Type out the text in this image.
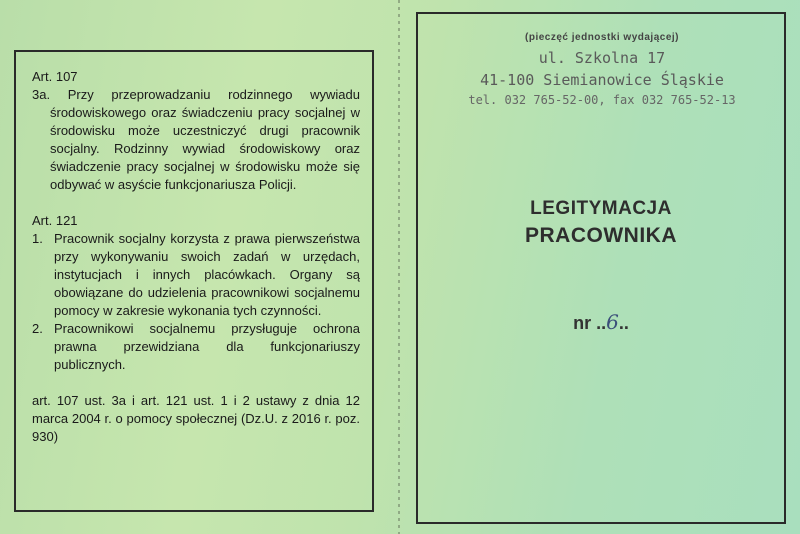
Art. 107

3a. Przy przeprowadzaniu rodzinnego wywiadu środowiskowego oraz świadczeniu pracy socjalnej w środowisku może uczestniczyć drugi pracownik socjalny. Rodzinny wywiad środowiskowy oraz świadczenie pracy socjalnej w środowisku może się odbywać w asyście funkcjonariusza Policji.

Art. 121

1. Pracownik socjalny korzysta z prawa pierwszeństwa przy wykonywaniu swoich zadań w urzędach, instytucjach i innych placówkach. Organy są obowiązane do udzielenia pracownikowi socjalnemu pomocy w zakresie wykonania tych czynności.
2. Pracownikowi socjalnemu przysługuje ochrona prawna przewidziana dla funkcjonariuszy publicznych.

art. 107 ust. 3a i art. 121 ust. 1 i 2 ustawy z dnia 12 marca 2004 r. o pomocy społecznej (Dz.U. z 2016 r. poz. 930)

(pieczęć jednostki wydającej)
ul. Szkolna 17
41-100 Siemianowice Śląskie
tel. 032 765-52-00, fax 032 765-52-13
LEGITYMACJA
PRACOWNIKA
nr ..6..
